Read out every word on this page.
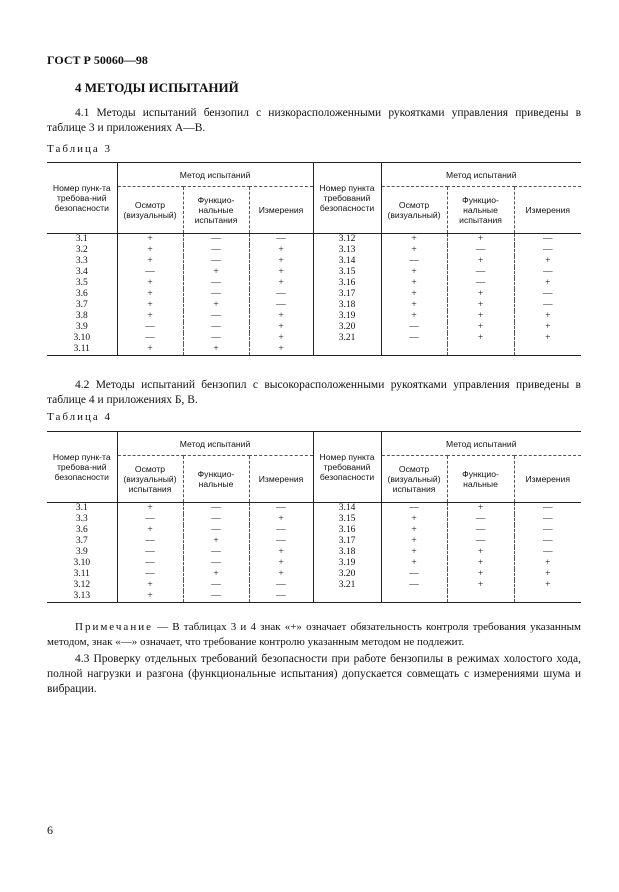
ГОСТ Р 50060—98
4 МЕТОДЫ ИСПЫТАНИЙ
4.1 Методы испытаний бензопил с низкорасположенными рукоятками управления приведены в таблице 3 и приложениях А—В.
Таблица 3
Номер пунк-та требова-ний безопасности	Метод испытаний			Номер пункта требований безопасности	Метод испытаний		
	Осмотр (визуальный)	Функцио-нальные испытания	Измерения		Осмотр (визуальный)	Функцио-нальные испытания	Измерения
3.1	+	—	—	3.12	+	+	—
3.2	+	—	+	3.13	+	—	—
3.3	+	—	+	3.14	—	+	+
3.4	—	+	+	3.15	+	—	—
3.5	+	—	+	3.16	+	—	+
3.6	+	—	—	3.17	+	+	—
3.7	+	+	—	3.18	+	+	—
3.8	+	—	+	3.19	+	+	+
3.9	—	—	+	3.20	—	+	+
3.10	—	—	+	3.21	—	+	+
3.11	+	+	+				
4.2 Методы испытаний бензопил с высокорасположенными рукоятками управления приведены в таблице 4 и приложениях Б, В.
Таблица 4
Номер пунк-та требова-ний безопасности	Метод испытаний			Номер пункта требований безопасности	Метод испытаний		
	Осмотр (визуальный) испытания	Функцио-нальные	Измерения		Осмотр (визуальный) испытания	Функцио-нальные	Измерения
3.1	+	—	—	3.14	—	+	—
3.3	—	—	+	3.15	+	—	—
3.6	+	—	—	3.16	+	—	—
3.7	—	+	—	3.17	+	—	—
3.9	—	—	+	3.18	+	+	—
3.10	—	—	+	3.19	+	+	+
3.11	—	+	+	3.20	—	+	+
3.12	+	—	—	3.21	—	+	+
3.13	+	—	—				
Примечание — В таблицах 3 и 4 знак «+» означает обязательность контроля требования указанным методом, знак «—» означает, что требование контролю указанным методом не подлежит.
4.3 Проверку отдельных требований безопасности при работе бензопилы в режимах холостого хода, полной нагрузки и разгона (функциональные испытания) допускается совмещать с измерениями шума и вибрации.
6
